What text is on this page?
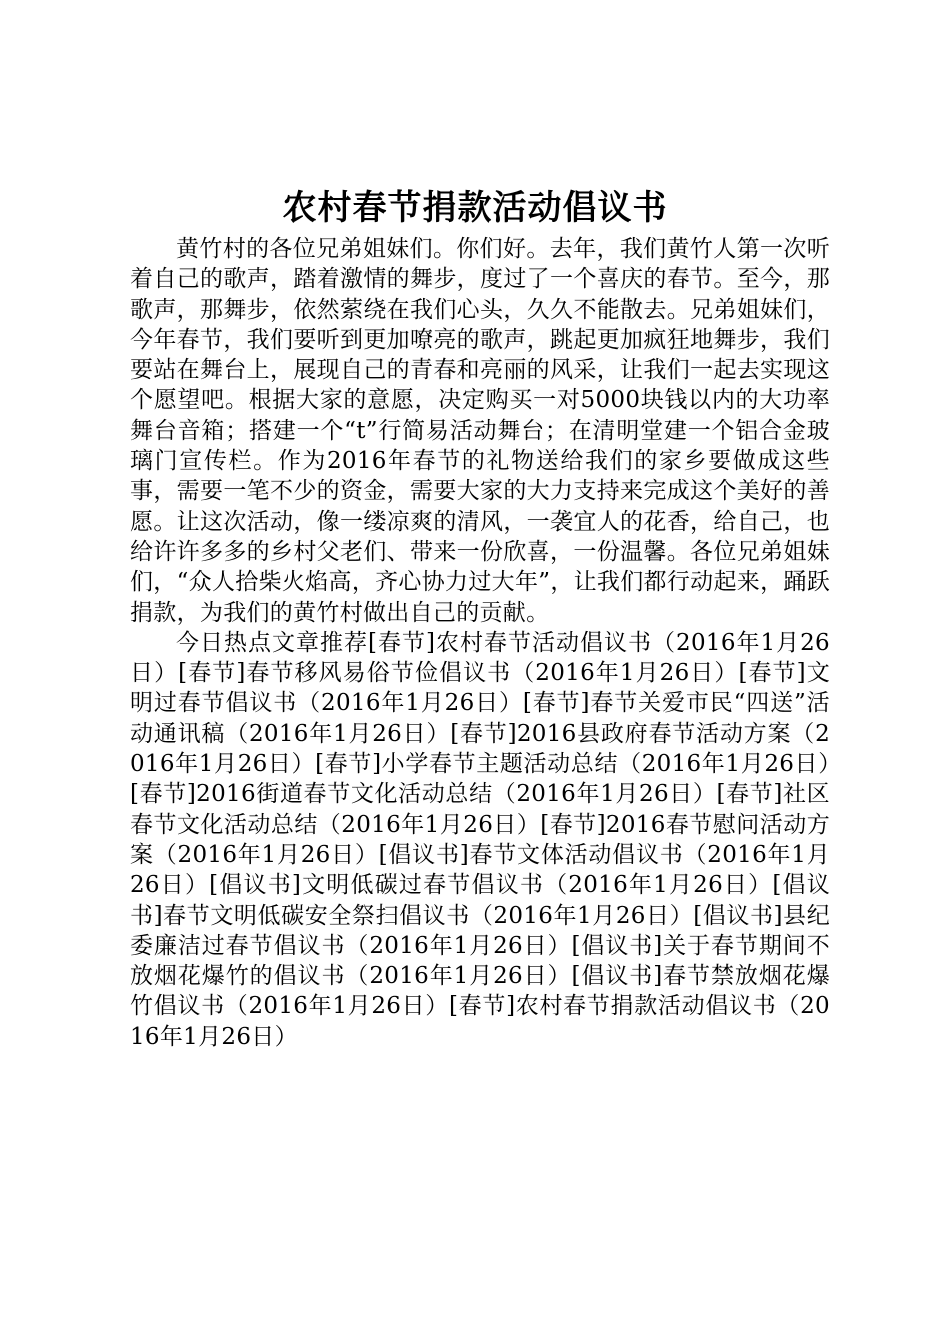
农村春节捐款活动倡议书

黄竹村的各位兄弟姐妹们。你们好。去年，我们黄竹人第一次听着自己的歌声，踏着激情的舞步，度过了一个喜庆的春节。至今，那歌声，那舞步，依然萦绕在我们心头，久久不能散去。兄弟姐妹们，今年春节，我们要听到更加嘹亮的歌声，跳起更加疯狂地舞步，我们要站在舞台上，展现自己的青春和亮丽的风采，让我们一起去实现这个愿望吧。根据大家的意愿，决定购买一对5000块钱以内的大功率舞台音箱；搭建一个“t”行简易活动舞台；在清明堂建一个铝合金玻璃门宣传栏。作为2016年春节的礼物送给我们的家乡要做成这些事，需要一笔不少的资金，需要大家的大力支持来完成这个美好的善愿。让这次活动，像一缕凉爽的清风，一袭宜人的花香，给自己，也给许许多多的乡村父老们、带来一份欣喜，一份温馨。各位兄弟姐妹们，“众人拾柴火焰高，齐心协力过大年”，让我们都行动起来，踊跃捐款，为我们的黄竹村做出自己的贡献。

今日热点文章推荐[春节]农村春节活动倡议书（2016年1月26日）[春节]春节移风易俗节俭倡议书（2016年1月26日）[春节]文明过春节倡议书（2016年1月26日）[春节]春节关爱市民“四送”活动通讯稿（2016年1月26日）[春节]2016县政府春节活动方案（2016年1月26日）[春节]小学春节主题活动总结（2016年1月26日）[春节]2016街道春节文化活动总结（2016年1月26日）[春节]社区春节文化活动总结（2016年1月26日）[春节]2016春节慰问活动方案（2016年1月26日）[倡议书]春节文体活动倡议书（2016年1月26日）[倡议书]文明低碳过春节倡议书（2016年1月26日）[倡议书]春节文明低碳安全祭扫倡议书（2016年1月26日）[倡议书]县纪委廉洁过春节倡议书（2016年1月26日）[倡议书]关于春节期间不放烟花爆竹的倡议书（2016年1月26日）[倡议书]春节禁放烟花爆竹倡议书（2016年1月26日）[春节]农村春节捐款活动倡议书（2016年1月26日）
